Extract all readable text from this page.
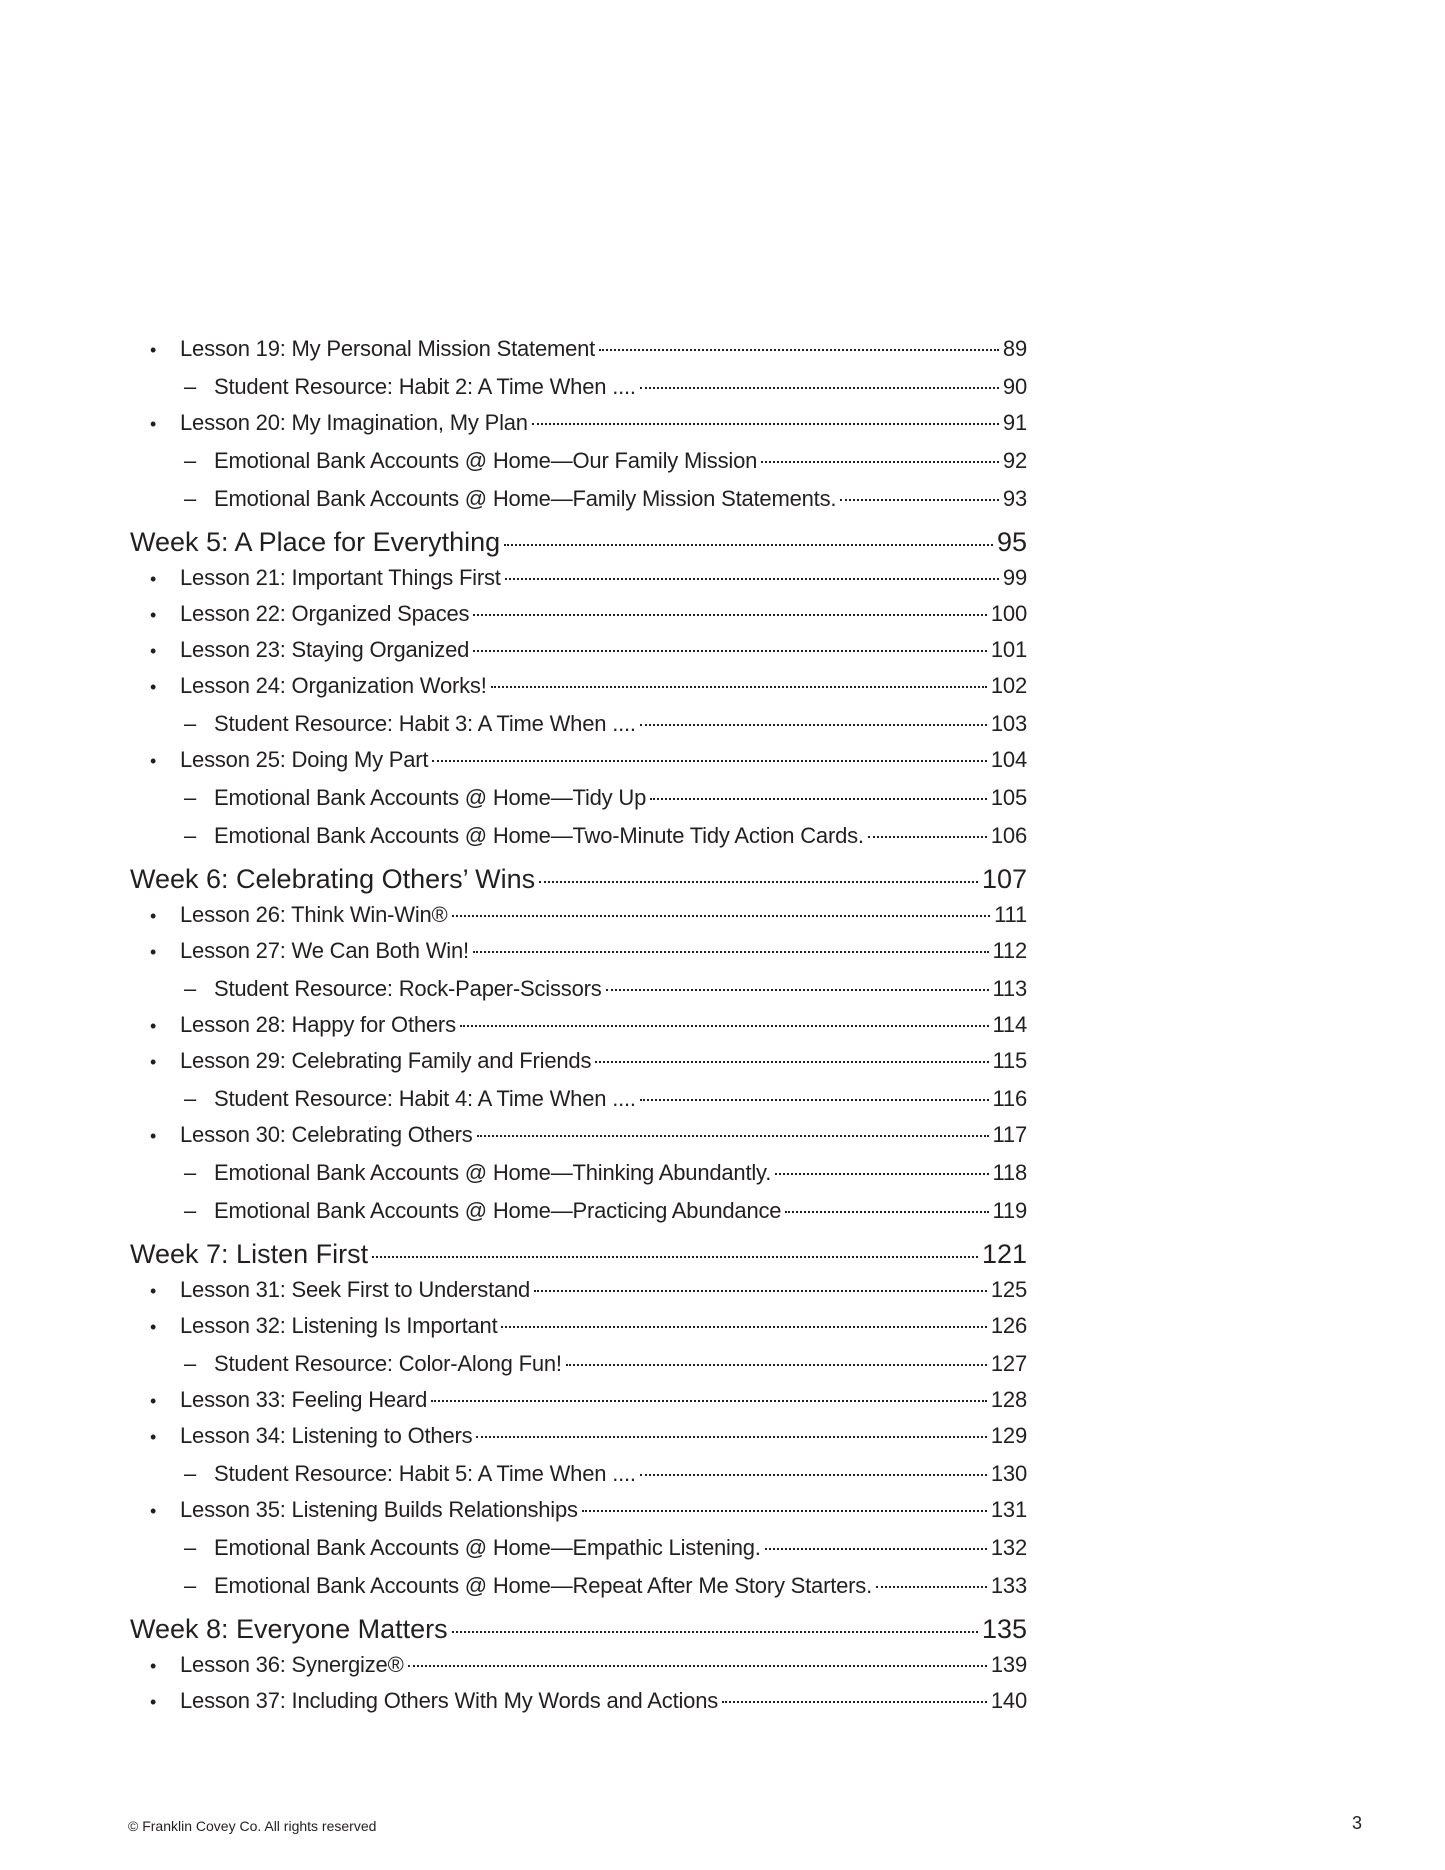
•	Lesson 19: My Personal Mission Statement	89
– Student Resource: Habit 2: A Time When ....	90
•	Lesson 20: My Imagination, My Plan	91
– Emotional Bank Accounts @ Home—Our Family Mission	92
– Emotional Bank Accounts @ Home—Family Mission Statements.	93
Week 5: A Place for Everything	95
•	Lesson 21: Important Things First	99
•	Lesson 22: Organized Spaces	100
•	Lesson 23: Staying Organized	101
•	Lesson 24: Organization Works!	102
– Student Resource: Habit 3: A Time When ....	103
•	Lesson 25: Doing My Part	104
– Emotional Bank Accounts @ Home—Tidy Up	105
– Emotional Bank Accounts @ Home—Two-Minute Tidy Action Cards.	106
Week 6: Celebrating Others’ Wins	107
•	Lesson 26: Think Win-Win®	111
•	Lesson 27: We Can Both Win!	112
– Student Resource: Rock-Paper-Scissors	113
•	Lesson 28: Happy for Others	114
•	Lesson 29: Celebrating Family and Friends	115
– Student Resource: Habit 4: A Time When ....	116
•	Lesson 30: Celebrating Others	117
– Emotional Bank Accounts @ Home—Thinking Abundantly.	118
– Emotional Bank Accounts @ Home—Practicing Abundance	119
Week 7: Listen First	121
•	Lesson 31: Seek First to Understand	125
•	Lesson 32: Listening Is Important	126
– Student Resource: Color-Along Fun!	127
•	Lesson 33: Feeling Heard	128
•	Lesson 34: Listening to Others	129
– Student Resource: Habit 5: A Time When ....	130
•	Lesson 35: Listening Builds Relationships	131
– Emotional Bank Accounts @ Home—Empathic Listening.	132
– Emotional Bank Accounts @ Home—Repeat After Me Story Starters.	133
Week 8: Everyone Matters	135
•	Lesson 36: Synergize®	139
•	Lesson 37: Including Others With My Words and Actions	140
© Franklin Covey Co. All rights reserved	3
